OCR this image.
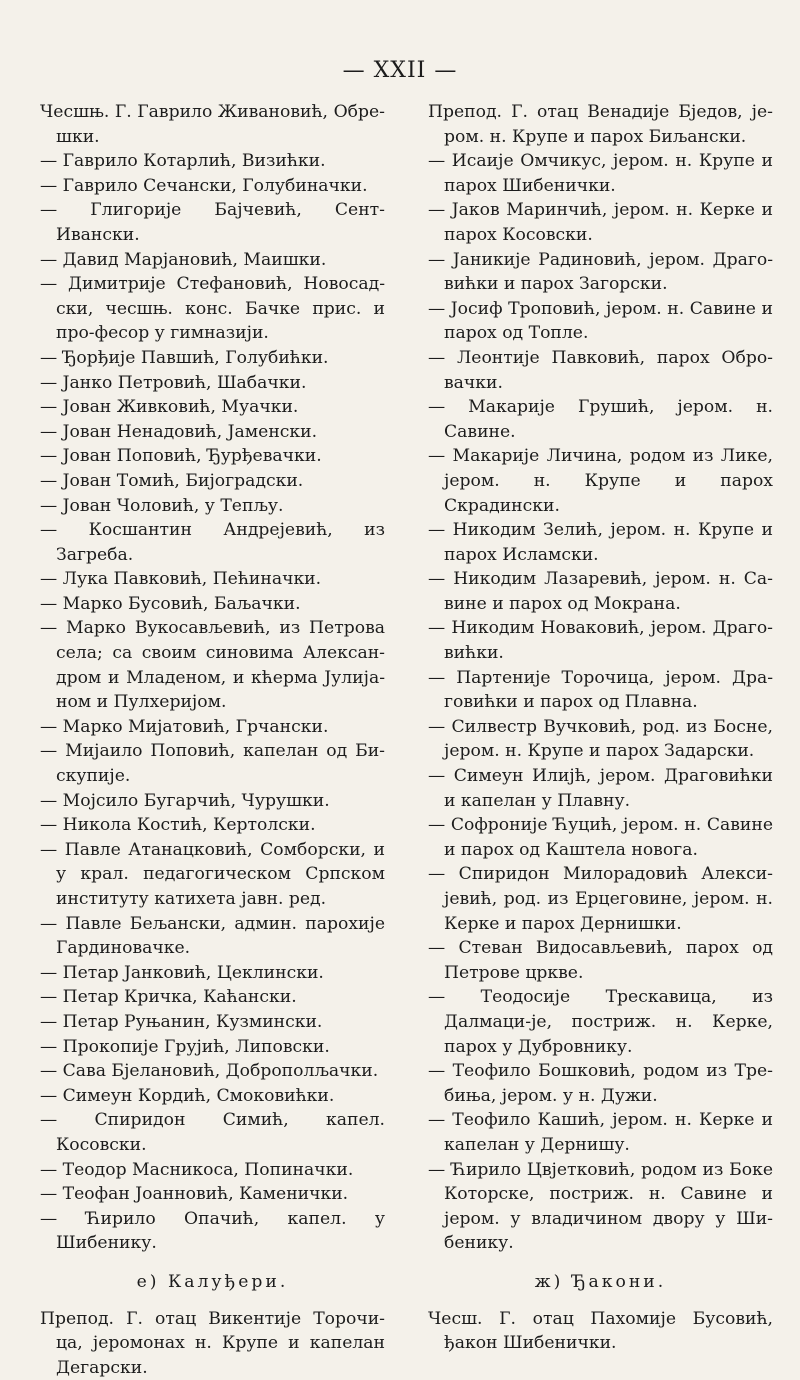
— XXII —

Чесшњ. Г. Гаврило Живановић, Обре-шки.

— Гаврило Котарлић, Визићки.

— Гаврило Сечански, Голубиначки.

— Глигорије Бајчевић, Сент-Ивански.

— Давид Марјановић, Маишки.

— Димитрије Стефановић, Новосад-ски, чесшњ. конс. Бачке прис. и про-фесор у гимназији.

— Ђорђије Павшић, Голубићки.

— Јанко Петровић, Шабачки.

— Јован Живковић, Муачки.

— Јован Ненадовић, Јаменски.

— Јован Поповић, Ђурђевачки.

— Јован Томић, Бијоградски.

— Јован Чоловић, у Тепљу.

— Косшантин Андрејевић, из Загреба.

— Лука Павковић, Пећиначки.

— Марко Бусовић, Баљачки.

— Марко Вукосављевић, из Петрова села; са своим синовима Алексан-дром и Младеном, и кћерма Јулија-ном и Пулхеријом.

— Марко Мијатовић, Грчански.

— Мијаило Поповић, капелан од Би-скупије.

— Мојсило Бугарчић, Чурушки.

— Никола Костић, Кертолски.

— Павле Атанацковић, Сомборски, и у крал. педагогическом Српском институту катихета јавн. ред.

— Павле Бељански, админ. парохије Гардиновачке.

— Петар Јанковић, Цеклински.

— Петар Кричка, Каћански.

— Петар Руњанин, Кузмински.

— Прокопије Грујић, Липовски.

— Сава Бјелановић, Доброполљачки.

— Симеун Кордић, Смоковићки.

— Спиридон Симић, капел. Косовски.

— Теодор Масникоса, Попиначки.

— Теофан Јоанновић, Каменички.

— Ћирило Опачић, капел. у Шибенику.

е) Калуђери.

Препод. Г. отац Викентије Торочи-ца, јеромонах н. Крупе и капелан Дегарски.

Препод. Г. отац Венадије Бједов, је-ром. н. Крупе и парох Биљански.

— Исаије Омчикус, јером. н. Крупе и парох Шибенички.

— Јаков Маринчић, јером. н. Керке и парох Косовски.

— Јаникије Радиновић, јером. Драго-вићки и парох Загорски.

— Јосиф Троповић, јером. н. Савине и парох од Топле.

— Леонтије Павковић, парох Обро-вачки.

— Макарије Грушић, јером. н. Савине.

— Макарије Личина, родом из Лике, јером. н. Крупе и парох Скрадински.

— Никодим Зелић, јером. н. Крупе и парох Исламски.

— Никодим Лазаревић, јером. н. Са-вине и парох од Мокрана.

— Никодим Новаковић, јером. Драго-вићки.

— Партеније Торочица, јером. Дра-говићки и парох од Плавна.

— Силвестр Вучковић, род. из Босне, јером. н. Крупе и парох Задарски.

— Симеун Илијћ, јером. Драговићки и капелан у Плавну.

— Софроније Ћуцић, јером. н. Савине и парох од Каштела новога.

— Спиридон Милорадовић Алекси-јевић, род. из Ерцеговине, јером. н. Керке и парох Дернишки.

— Стеван Видосављевић, парох од Петрове цркве.

— Теодосије Трескавица, из Далмаци-је, постриж. н. Керке, парох у Дубровнику.

— Теофило Бошковић, родом из Тре-биња, јером. у н. Дужи.

— Теофило Кашић, јером. н. Керке и капелан у Дернишу.

— Ћирило Цвјетковић, родом из Боке Которске, постриж. н. Савине и јером. у владичином двору у Ши-бенику.

ж) Ђакони.

Чесш. Г. отац Пахомије Бусовић, ђакон Шибенички.
